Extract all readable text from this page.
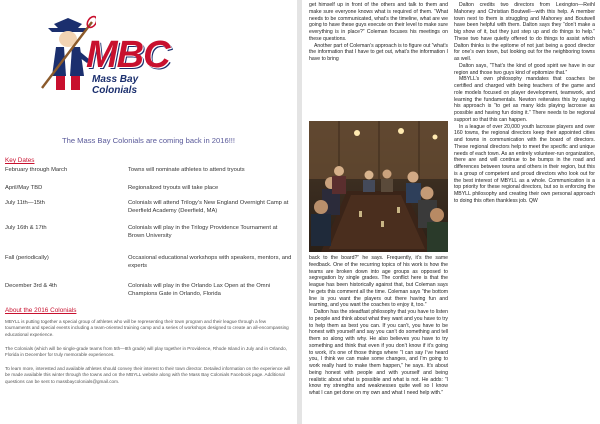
MBC
Mass Bay Colonials
The Mass Bay Colonials are coming back in 2016!!!
Key Dates
February through March	Towns will nominate athletes to attend tryouts
April/May TBD	Regionalized tryouts will take place
July 11th—15th	Colonials will attend Trilogy’s New England Overnight Camp at Deerfield Academy (Deerfield, MA)
July 16th & 17th	Colonials will play in the Trilogy Providence Tournament at Brown University
Fall (periodically)	Occasional educational workshops with speakers, mentors, and experts
December 3rd & 4th	Colonials will play in the Orlando Lax Open at the Omni Champions Gate in Orlando, Florida
About the 2016 Colonials
MBYLL is putting together a special group of athletes who will be representing their town program and their league through a few tournaments and special events including a team-oriented training camp and a series of workshops designed to create an all-encompassing educational experience.
The Colonials (which will be single-grade teams from 5th—8th grade) will play together in Providence, Rhode Island in July and in Orlando, Florida in December for truly memorable experiences.
To learn more, interested and available athletes should convey their interest to their town director. Detailed information on the experience will be made available this winter through the towns and on the MBYLL website along with the Mass Bay Colonials Facebook page. Additional questions can be sent to massbaycolonials@gmail.com.

get himself up in front of the others and talk to them and make sure everyone knows what is required of them. “What needs to be communicated, what’s the timeline, what are we going to have these guys execute on their level to make sure everything is in place?” Coleman focuses his meetings on these questions.

Another part of Coleman’s approach is to figure out “what’s the information that I have to get out, what’s the information I have to bring

back to the board?” he says. Frequently, it’s the same feedback. One of the recurring topics of his work is how the teams are broken down into age groups as opposed to segregation by single grades. The conflict here is that the league has been historically against that, but Coleman says he gets this comment all the time. Coleman says “the bottom line is you want the players out there having fun and learning, and you want the coaches to enjoy it, too.”

Dalton has the steadfast philosophy that you have to listen to people and think about what they want and you have to try to help them as best you can. If you can’t, you have to be honest with yourself and say you can’t do something and tell them so along with why. He also believes you have to try something and think that even if you don’t know if it’s going to work, it’s one of those things where “I can say I’ve heard you, I think we can make some changes, and I’m going to work really hard to make them happen,” he says. It’s about being honest with people and with yourself and being realistic about what is possible and what is not. He adds: “I know my strengths and weaknesses quite well so I know what I can get done on my own and what I need help with.”

Dalton credits two directors from Lexington—Reihl Mahoney and Christian Boutwell—with this help. A member town next to them is struggling and Mahoney and Boutwell have been helpful with them. Dalton says they “don’t make a big show of it, but they just step up and do things to help.” These two have quietly offered to do things to assist which Dalton thinks is the epitome of not just being a good director for one’s own town, but looking out for the neighboring towns as well.

Dalton says, “That’s the kind of good spirit we have in our region and those two guys kind of epitomize that.”

MBYLL’s own philosophy mandates that coaches be certified and charged with being teachers of the game and role models focused on player development, teamwork, and learning the fundamentals. Newton reiterates this by saying his approach is “to get as many kids playing lacrosse as possible and having fun doing it.” There needs to be regional support so that this can happen.

In a league of over 20,000 youth lacrosse players and over 160 towns, the regional directors keep their appointed cities and towns in communication with the board of directors. These regional directors help to meet the specific and unique needs of each town. As an entirely volunteer-run organization, there are and will continue to be bumps in the road and differences between towns and others in their region, but this is a group of competent and proud directors who look out for the best interest of MBYLL as a whole. Communication is a top priority for these regional directors, but so is enforcing the MBYLL philosophy and creating their own personal approach to doing this often thankless job. QW
